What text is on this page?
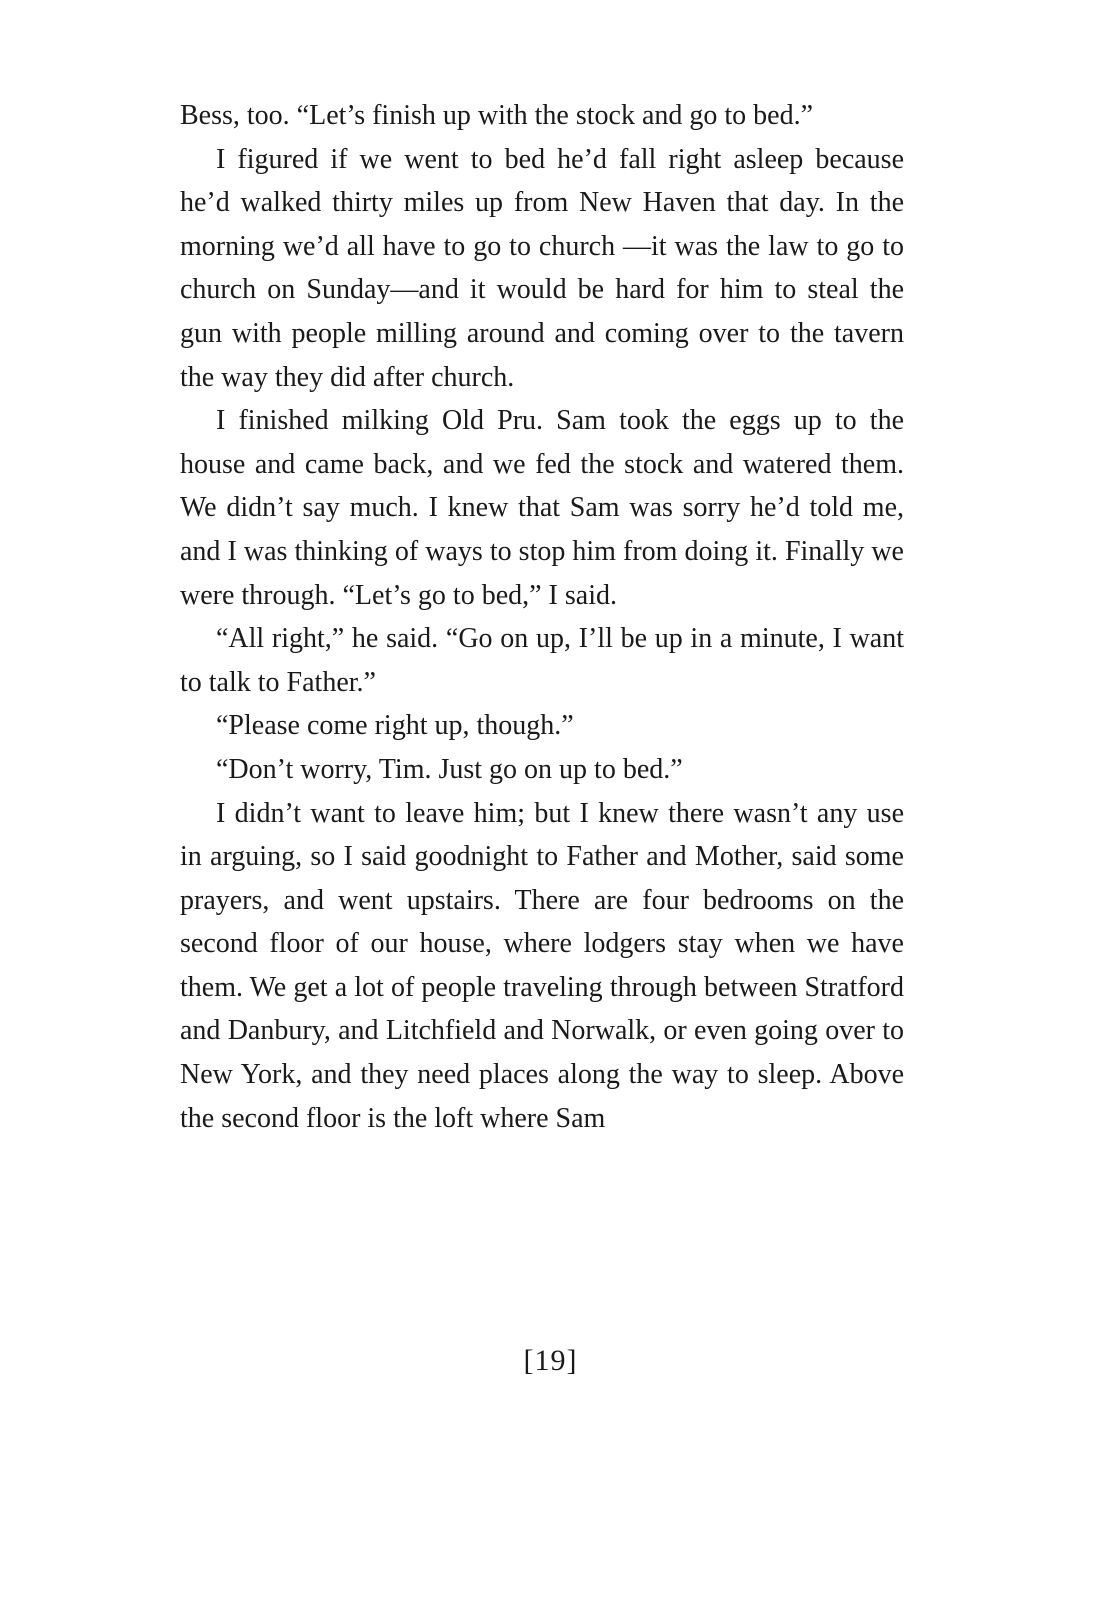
Bess, too. “Let’s finish up with the stock and go to bed.”

I figured if we went to bed he’d fall right asleep because he’d walked thirty miles up from New Haven that day. In the morning we’d all have to go to church —it was the law to go to church on Sunday—and it would be hard for him to steal the gun with people milling around and coming over to the tavern the way they did after church.

I finished milking Old Pru. Sam took the eggs up to the house and came back, and we fed the stock and watered them. We didn’t say much. I knew that Sam was sorry he’d told me, and I was thinking of ways to stop him from doing it. Finally we were through. “Let’s go to bed,” I said.

“All right,” he said. “Go on up, I’ll be up in a minute, I want to talk to Father.”

“Please come right up, though.”

“Don’t worry, Tim. Just go on up to bed.”

I didn’t want to leave him; but I knew there wasn’t any use in arguing, so I said goodnight to Father and Mother, said some prayers, and went upstairs. There are four bedrooms on the second floor of our house, where lodgers stay when we have them. We get a lot of people traveling through between Stratford and Danbury, and Litchfield and Norwalk, or even going over to New York, and they need places along the way to sleep. Above the second floor is the loft where Sam

[19]
